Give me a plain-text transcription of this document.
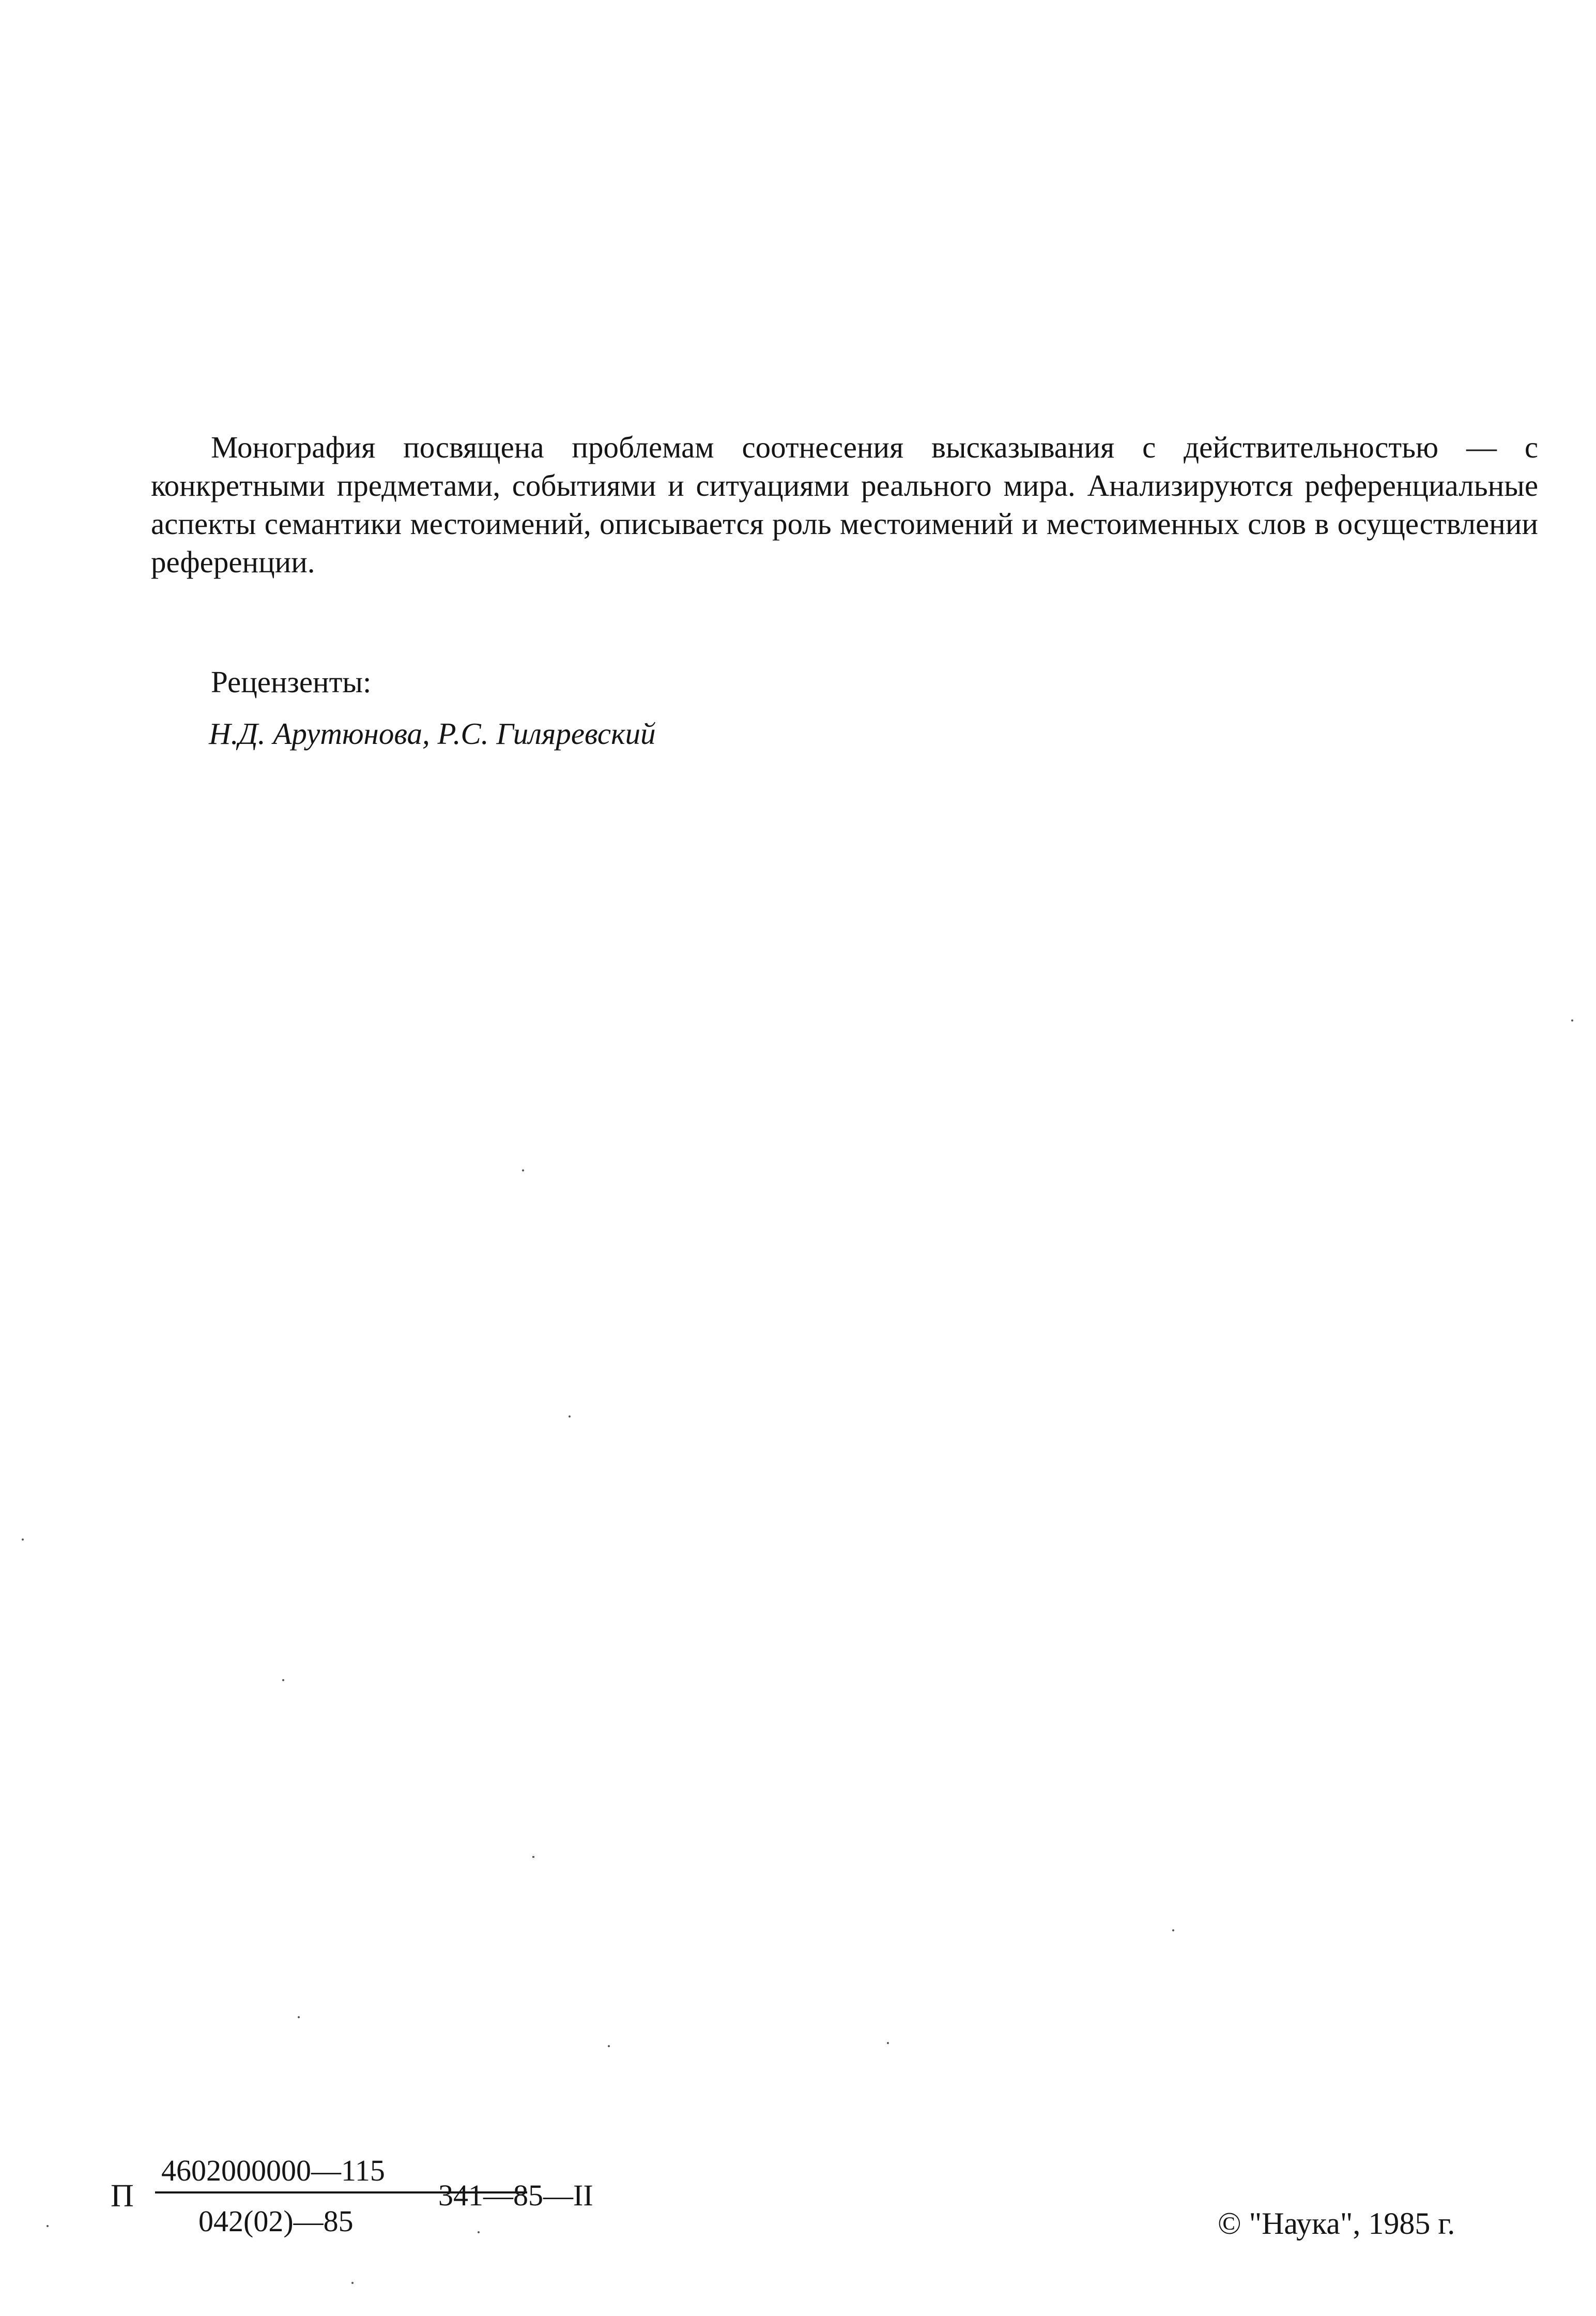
Монография посвящена проблемам соотнесения высказывания с действительностью — с конкретными предметами, событиями и ситуациями реального мира. Анализируются референциальные аспекты семантики местоимений, описывается роль местоимений и местоименных слов в осуществлении референции.

Рецензенты:

Н.Д. Арутюнова, Р.С. Гиляревский

П
4602000000—115
042(02)—85
341—85—II

© "Наука", 1985 г.
